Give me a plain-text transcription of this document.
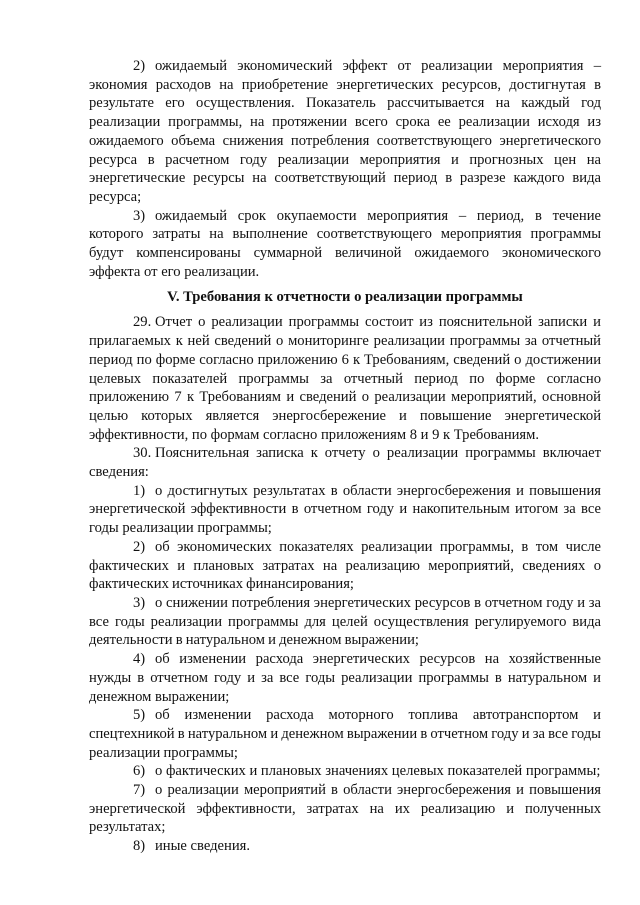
2) ожидаемый экономический эффект от реализации мероприятия – экономия расходов на приобретение энергетических ресурсов, достигнутая в результате его осуществления. Показатель рассчитывается на каждый год реализации программы, на протяжении всего срока ее реализации исходя из ожидаемого объема снижения потребления соответствующего энергетического ресурса в расчетном году реализации мероприятия и прогнозных цен на энергетические ресурсы на соответствующий период в разрезе каждого вида ресурса;

3) ожидаемый срок окупаемости мероприятия – период, в течение которого затраты на выполнение соответствующего мероприятия программы будут компенсированы суммарной величиной ожидаемого экономического эффекта от его реализации.

V. Требования к отчетности о реализации программы

29. Отчет о реализации программы состоит из пояснительной записки и прилагаемых к ней сведений о мониторинге реализации программы за отчетный период по форме согласно приложению 6 к Требованиям, сведений о достижении целевых показателей программы за отчетный период по форме согласно приложению 7 к Требованиям и сведений о реализации мероприятий, основной целью которых является энергосбережение и повышение энергетической эффективности, по формам согласно приложениям 8 и 9 к Требованиям.

30. Пояснительная записка к отчету о реализации программы включает сведения:

1) о достигнутых результатах в области энергосбережения и повышения энергетической эффективности в отчетном году и накопительным итогом за все годы реализации программы;

2) об экономических показателях реализации программы, в том числе фактических и плановых затратах на реализацию мероприятий, сведениях о фактических источниках финансирования;

3) о снижении потребления энергетических ресурсов в отчетном году и за все годы реализации программы для целей осуществления регулируемого вида деятельности в натуральном и денежном выражении;

4) об изменении расхода энергетических ресурсов на хозяйственные нужды в отчетном году и за все годы реализации программы в натуральном и денежном выражении;

5) об изменении расхода моторного топлива автотранспортом и спецтехникой в натуральном и денежном выражении в отчетном году и за все годы реализации программы;

6) о фактических и плановых значениях целевых показателей программы;

7) о реализации мероприятий в области энергосбережения и повышения энергетической эффективности, затратах на их реализацию и полученных результатах;

8) иные сведения.
